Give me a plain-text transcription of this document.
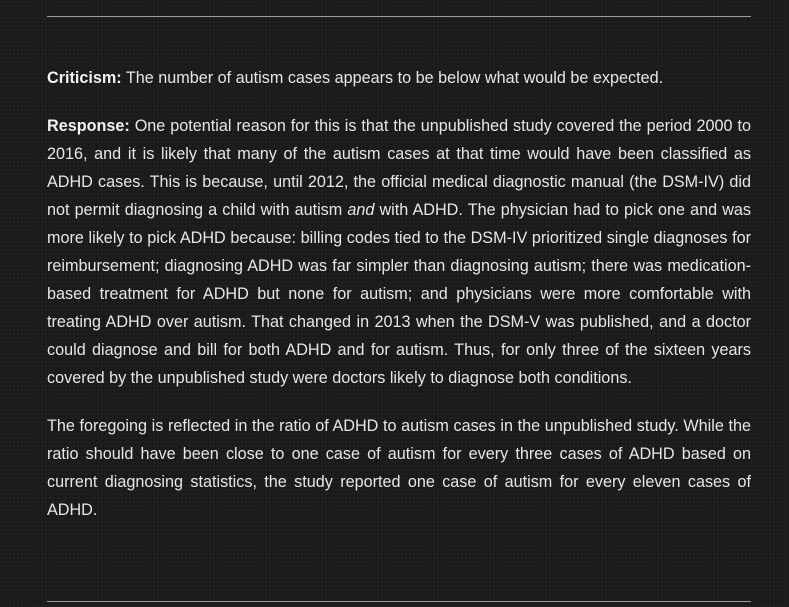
Criticism: The number of autism cases appears to be below what would be expected.

Response: One potential reason for this is that the unpublished study covered the period 2000 to 2016, and it is likely that many of the autism cases at that time would have been classified as ADHD cases. This is because, until 2012, the official medical diagnostic manual (the DSM-IV) did not permit diagnosing a child with autism and with ADHD. The physician had to pick one and was more likely to pick ADHD because: billing codes tied to the DSM-IV prioritized single diagnoses for reimbursement; diagnosing ADHD was far simpler than diagnosing autism; there was medication-based treatment for ADHD but none for autism; and physicians were more comfortable with treating ADHD over autism. That changed in 2013 when the DSM-V was published, and a doctor could diagnose and bill for both ADHD and for autism. Thus, for only three of the sixteen years covered by the unpublished study were doctors likely to diagnose both conditions.

The foregoing is reflected in the ratio of ADHD to autism cases in the unpublished study. While the ratio should have been close to one case of autism for every three cases of ADHD based on current diagnosing statistics, the study reported one case of autism for every eleven cases of ADHD.
